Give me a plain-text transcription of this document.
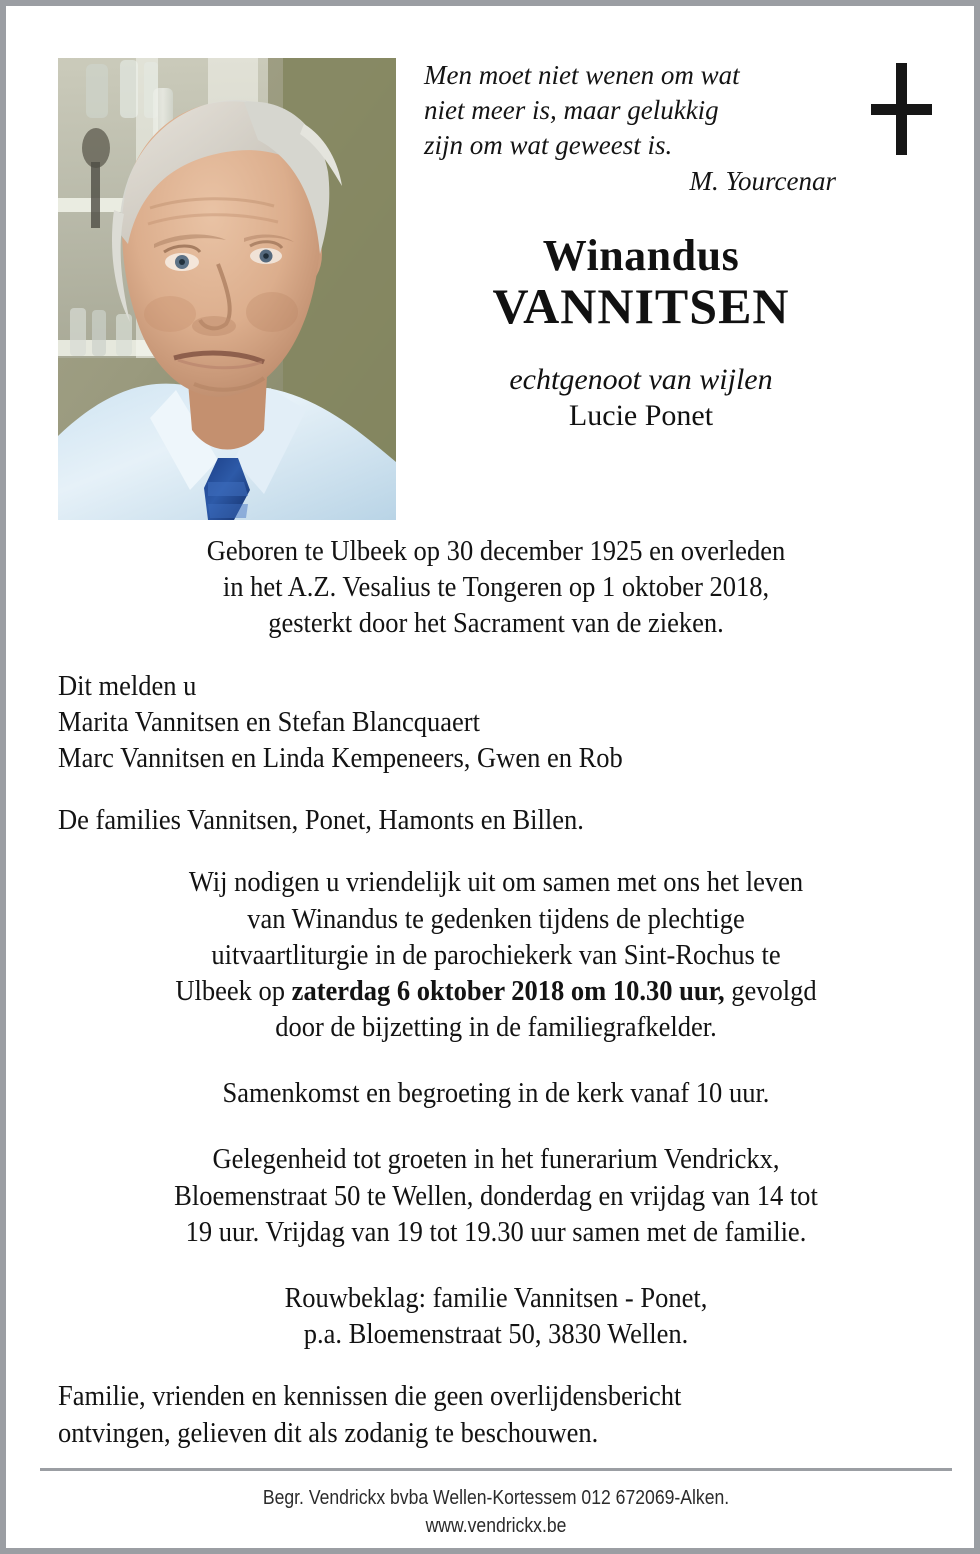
Men moet niet wenen om wat
niet meer is, maar gelukkig
zijn om wat geweest is.
M. Yourcenar
Winandus
VANNITSEN
echtgenoot van wijlen
Lucie Ponet

Geboren te Ulbeek op 30 december 1925 en overleden

in het A.Z. Vesalius te Tongeren op 1 oktober 2018,

gesterkt door het Sacrament van de zieken.

Dit melden u

Marita Vannitsen en Stefan Blancquaert

Marc Vannitsen en Linda Kempeneers, Gwen en Rob

De families Vannitsen, Ponet, Hamonts en Billen.

Wij nodigen u vriendelijk uit om samen met ons het leven

van Winandus te gedenken tijdens de plechtige

uitvaartliturgie in de parochiekerk van Sint-Rochus te

Ulbeek op zaterdag 6 oktober 2018 om 10.30 uur, gevolgd

door de bijzetting in de familiegrafkelder.

Samenkomst en begroeting in de kerk vanaf 10 uur.

Gelegenheid tot groeten in het funerarium Vendrickx,

Bloemenstraat 50 te Wellen, donderdag en vrijdag van 14 tot

19 uur. Vrijdag van 19 tot 19.30 uur samen met de familie.

Rouwbeklag: familie Vannitsen - Ponet,

p.a. Bloemenstraat 50, 3830 Wellen.

Familie, vrienden en kennissen die geen overlijdensbericht

ontvingen, gelieven dit als zodanig te beschouwen.

Begr. Vendrickx bvba Wellen-Kortessem 012 672069-Alken.
www.vendrickx.be
